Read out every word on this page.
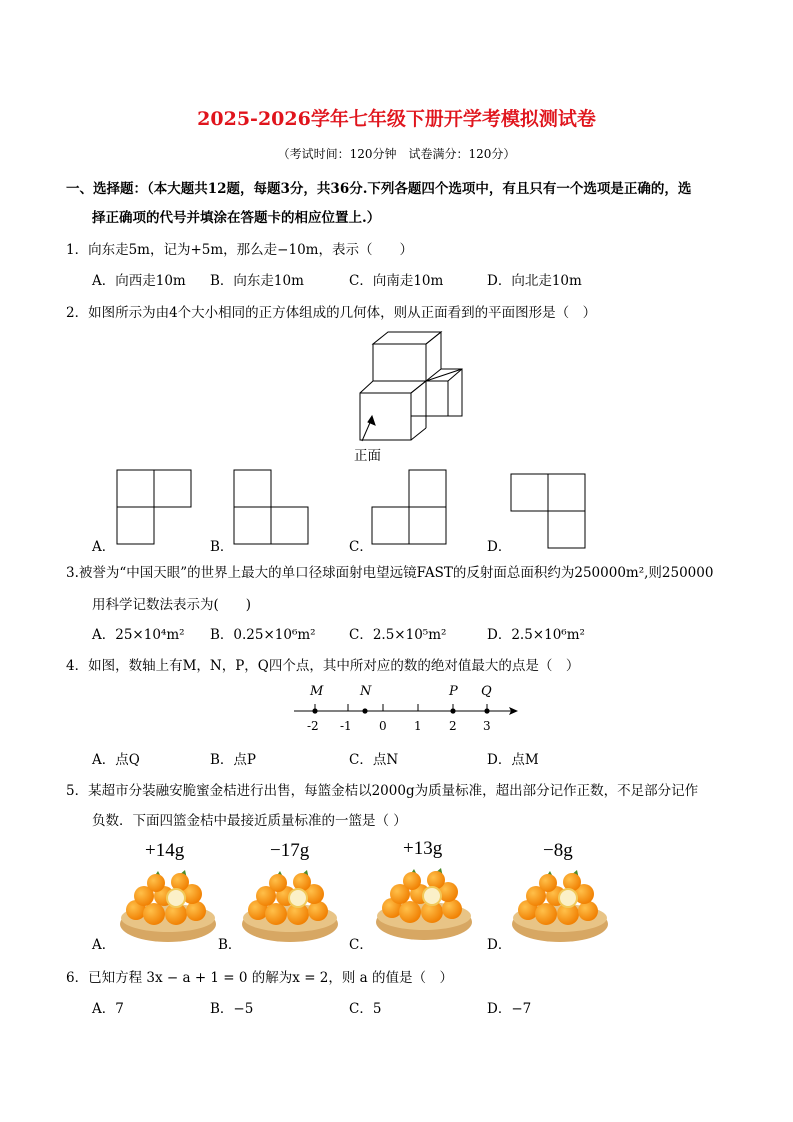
2025-2026学年七年级下册开学考模拟测试卷
（考试时间：120分钟　试卷满分：120分）
一、选择题：（本大题共12题，每题3分，共36分.下列各题四个选项中，有且只有一个选项是正确的，选
择正确项的代号并填涂在答题卡的相应位置上.）
1．向东走5m，记为+5m，那么走−10m，表示（　　）
A．向西走10m B．向东走10m	C．向南走10m	D．向北走10m
2．如图所示为由4个大小相同的正方体组成的几何体，则从正面看到的平面图形是（　）
正面
A．	B．	C．	D．
3.被誉为“中国天眼”的世界上最大的单口径球面射电望远镜FAST的反射面总面积约为250000m²,则250000
用科学记数法表示为(　　)
A．25×10⁴m² B．0.25×10⁶m² C．2.5×10⁵m²	D．2.5×10⁶m²
4．如图，数轴上有M，N，P，Q四个点，其中所对应的数的绝对值最大的点是（　）
M	N	P Q
-2 -1 0 1 2 3
A．点Q	B．点P	C．点N	D．点M
5．某超市分装融安脆蜜金桔进行出售，每篮金桔以2000g为质量标准，超出部分记作正数，不足部分记作
负数．下面四篮金桔中最接近质量标准的一篮是（ ）
+14g	−17g	+13g	−8g
A．	B．	C．	D．
6．已知方程 3x − a + 1 = 0 的解为x = 2，则 a 的值是（　）
A．7	B．−5	C．5	D．−7
